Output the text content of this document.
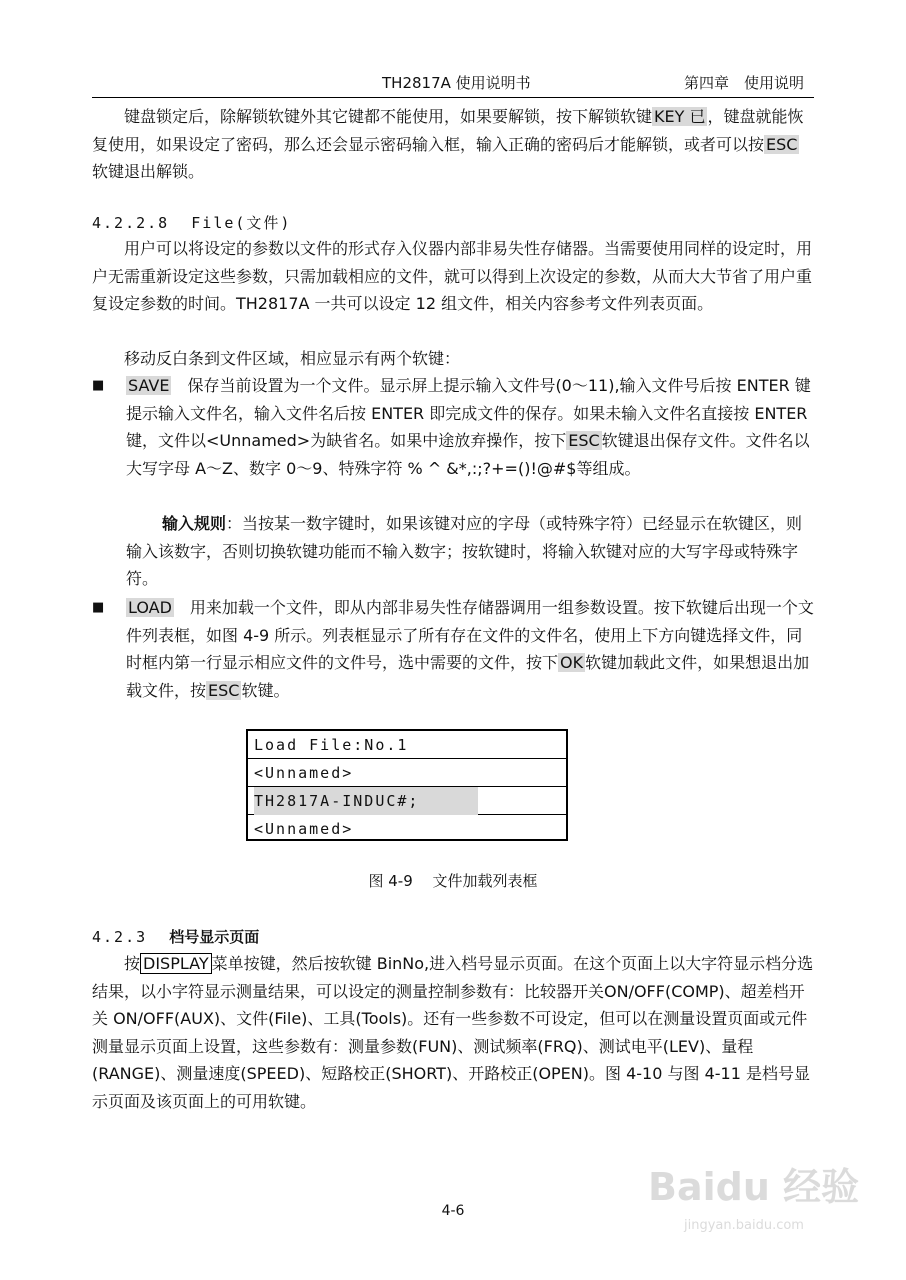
TH2817A 使用说明书	第四章　使用说明

键盘锁定后，除解锁软键外其它键都不能使用，如果要解锁，按下解锁软键 KEY 已 ，键盘就能恢复使用，如果设定了密码，那么还会显示密码输入框，输入正确的密码后才能解锁，或者可以按 ESC软键退出解锁。

4.2.2.8 File(文件)

用户可以将设定的参数以文件的形式存入仪器内部非易失性存储器。当需要使用同样的设定时，用户无需重新设定这些参数，只需加载相应的文件，就可以得到上次设定的参数，从而大大节省了用户重复设定参数的时间。TH2817A 一共可以设定 12 组文件，相关内容参考文件列表页面。

移动反白条到文件区域，相应显示有两个软键：

■ SAVE　保存当前设置为一个文件。显示屏上提示输入文件号(0～11),输入文件号后按 ENTER 键提示输入文件名，输入文件名后按 ENTER 即完成文件的保存。如果未输入文件名直接按 ENTER 键，文件以<Unnamed>为缺省名。如果中途放弃操作，按下 ESC 软键退出保存文件。文件名以大写字母 A～Z、数字 0～9、特殊字符 % ^ &*,:;?+=()!@#$等组成。

输入规则：当按某一数字键时，如果该键对应的字母（或特殊字符）已经显示在软键区，则输入该数字，否则切换软键功能而不输入数字；按软键时，将输入软键对应的大写字母或特殊字符。

■ LOAD　用来加载一个文件，即从内部非易失性存储器调用一组参数设置。按下软键后出现一个文件列表框，如图 4-9 所示。列表框显示了所有存在文件的文件名，使用上下方向键选择文件，同时框内第一行显示相应文件的文件号，选中需要的文件，按下 OK 软键加载此文件，如果想退出加载文件，按 ESC 软键。

Load File:No.1
<Unnamed>
TH2817A-INDUC#;
<Unnamed>
图 4-9　 文件加载列表框
4.2.3 档号显示页面

按 DISPLAY 菜单按键，然后按软键 BinNo,进入档号显示页面。在这个页面上以大字符显示档分选结果，以小字符显示测量结果，可以设定的测量控制参数有：比较器开关ON/OFF(COMP)、超差档开关 ON/OFF(AUX)、文件(File)、工具(Tools)。还有一些参数不可设定，但可以在测量设置页面或元件测量显示页面上设置，这些参数有：测量参数(FUN)、测试频率(FRQ)、测试电平(LEV)、量程(RANGE)、测量速度(SPEED)、短路校正(SHORT)、开路校正(OPEN)。图 4-10 与图 4-11 是档号显示页面及该页面上的可用软键。

4-6
Baidu 经验
jingyan.baidu.com
